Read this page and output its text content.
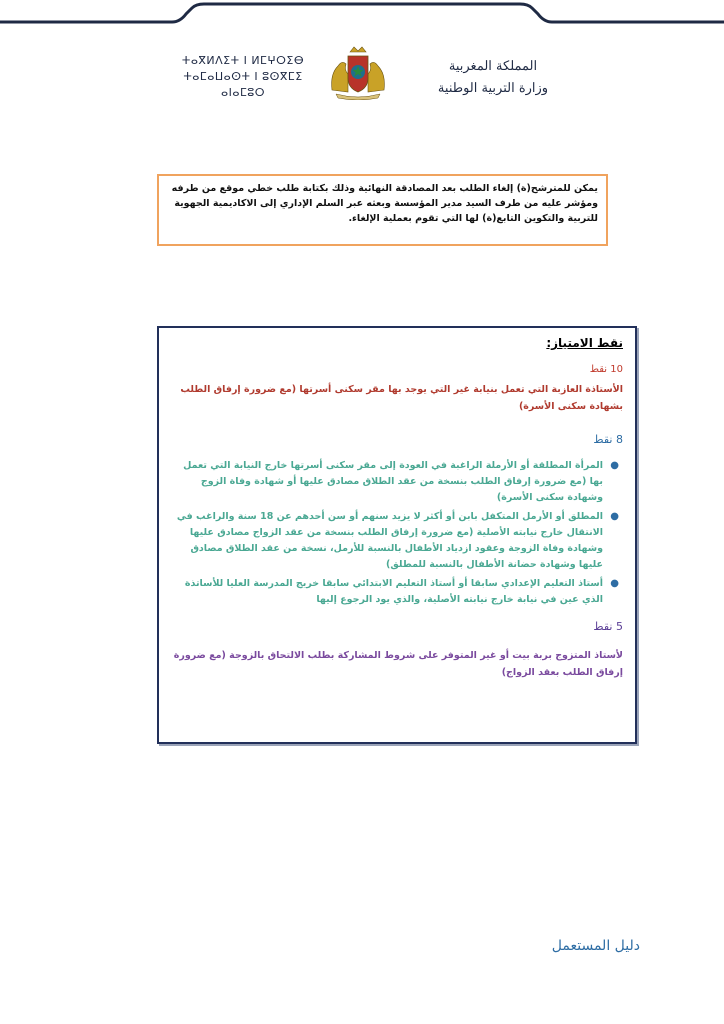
ⵜⴰⴳⵍⴷⵉⵜ ⵏ ⵍⵎⵖⵔⵉⴱ
ⵜⴰⵎⴰⵡⴰⵙⵜ ⵏ ⵓⵙⴳⵎⵉ
ⴰⵏⴰⵎⵓⵔ
المملكة المغربية
وزارة التربية الوطنية
يمكن للمترشح(ة) إلغاء الطلب بعد المصادقة النهائية وذلك بكتابة طلب خطي موقع من طرفه ومؤشر عليه من طرف السيد مدير المؤسسة وبعثه عبر السلم الإداري إلى الاكاديمية الجهوية للتربية والتكوين التابع(ة) لها التي تقوم بعملية الإلغاء.

نقط الامتياز:

10 نقط

الأستاذة العازبة التي تعمل بنيابة غير التي يوجد بها مقر سكنى أسرتها (مع ضرورة إرفاق الطلب بشهادة سكنى الأسرة)

8 نقط

●
المرأة المطلقة أو الأرملة الراغبة في العودة إلى مقر سكنى أسرتها خارج النيابة التي تعمل بها (مع ضرورة إرفاق الطلب بنسخة من عقد الطلاق مصادق عليها أو شهادة وفاة الزوج وشهادة سكنى الأسرة)
●
المطلق أو الأرمل المتكفل بابن أو أكثر لا يزيد سنهم أو سن أحدهم عن 18 سنة والراغب في الانتقال خارج نيابته الأصلية (مع ضرورة إرفاق الطلب بنسخة من عقد الزواج مصادق عليها وشهادة وفاة الزوجة وعقود ازدياد الأطفال بالنسبة للأرمل، نسخة من عقد الطلاق مصادق عليها وشهادة حضانة الأطفال بالنسبة للمطلق)
●
أستاذ التعليم الإعدادي سابقا أو أستاذ التعليم الابتدائي سابقا خريج المدرسة العليا للأساتذة الذي عين في نيابة خارج نيابته الأصلية، والذي يود الرجوع إليها

5 نقط

لأستاذ المتزوج بربة بيت أو غير المتوفر على شروط المشاركة بطلب الالتحاق بالزوجة (مع ضرورة إرفاق الطلب بعقد الزواج)

دليل المستعمل
